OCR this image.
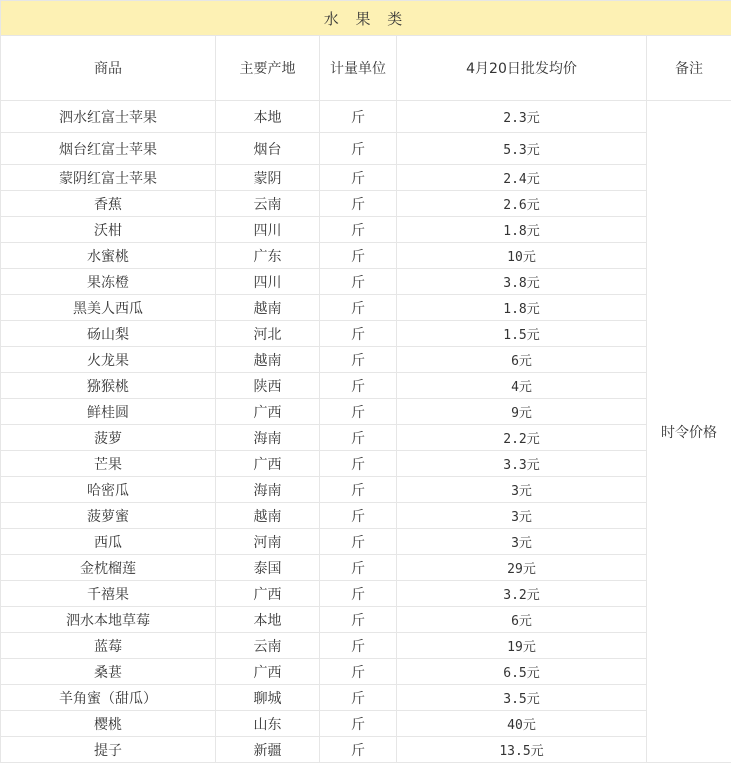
水 果 类				
商品	主要产地	计量单位	4月20日批发均价	备注
泗水红富士苹果	本地	斤	2.3元	时令价格
烟台红富士苹果	烟台	斤	5.3元	
蒙阴红富士苹果	蒙阴	斤	2.4元	
香蕉	云南	斤	2.6元	
沃柑	四川	斤	1.8元	
水蜜桃	广东	斤	10元	
果冻橙	四川	斤	3.8元	
黑美人西瓜	越南	斤	1.8元	
砀山梨	河北	斤	1.5元	
火龙果	越南	斤	6元	
猕猴桃	陕西	斤	4元	
鲜桂圆	广西	斤	9元	
菠萝	海南	斤	2.2元	
芒果	广西	斤	3.3元	
哈密瓜	海南	斤	3元	
菠萝蜜	越南	斤	3元	
西瓜	河南	斤	3元	
金枕榴莲	泰国	斤	29元	
千禧果	广西	斤	3.2元	
泗水本地草莓	本地	斤	6元	
蓝莓	云南	斤	19元	
桑葚	广西	斤	6.5元	
羊角蜜（甜瓜）	聊城	斤	3.5元	
樱桃	山东	斤	40元	
提子	新疆	斤	13.5元	
